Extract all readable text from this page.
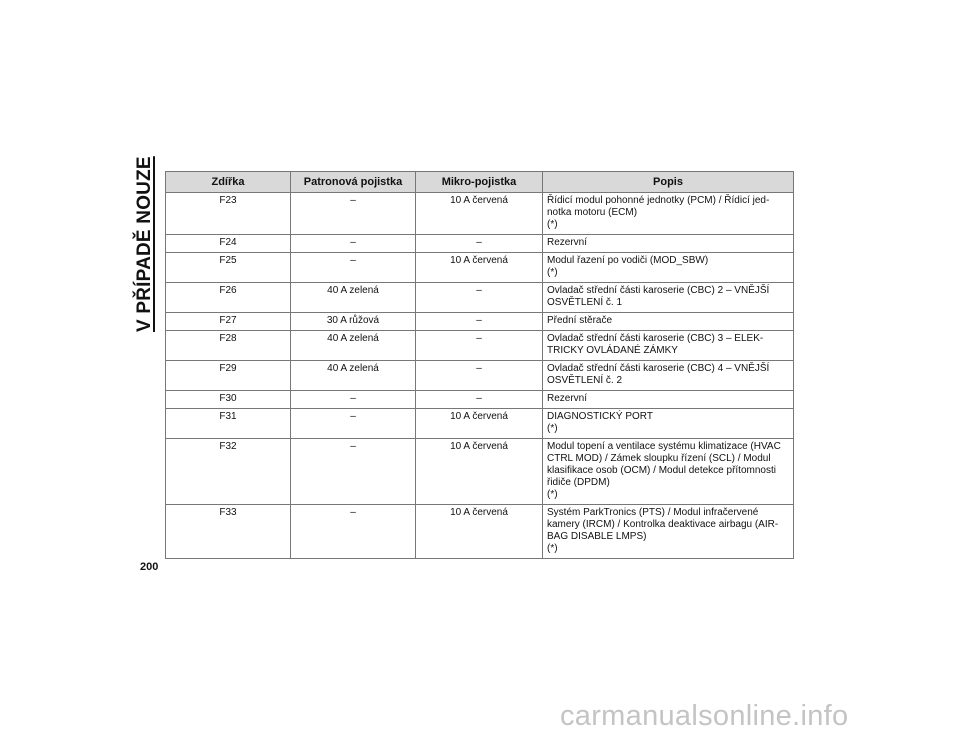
V PŘÍPADĚ NOUZE	Zdířka	Patronová pojistka	Mikro-pojistka	Popis
F23	–	10 A červená	Řídicí modul pohonné jednotky (PCM) / Řídicí jed-
notka motoru (ECM)
(*)

F24	–	–	Rezervní

F25	–	10 A červená	Modul řazení po vodiči (MOD_SBW)
(*)

F26	40 A zelená	–	Ovladač střední části karoserie (CBC) 2 – VNĚJŠÍ
OSVĚTLENÍ č. 1

F27	30 A růžová	–	Přední stěrače

F28	40 A zelená	–	Ovladač střední části karoserie (CBC) 3 – ELEK-
TRICKY OVLÁDANÉ ZÁMKY

F29	40 A zelená	–	Ovladač střední části karoserie (CBC) 4 – VNĚJŠÍ
OSVĚTLENÍ č. 2

F30	–	–	Rezervní

F31	–	10 A červená	DIAGNOSTICKÝ PORT
(*)

F32	–	10 A červená	Modul topení a ventilace systému klimatizace (HVAC
CTRL MOD) / Zámek sloupku řízení (SCL) / Modul
klasifikace osob (OCM) / Modul detekce přítomnosti
řidiče (DPDM)
(*)

F33	–	10 A červená	Systém ParkTronics (PTS) / Modul infračervené
kamery (IRCM) / Kontrolka deaktivace airbagu (AIR-
BAG DISABLE LMPS)
(*)
200
carmanualsonline.info
